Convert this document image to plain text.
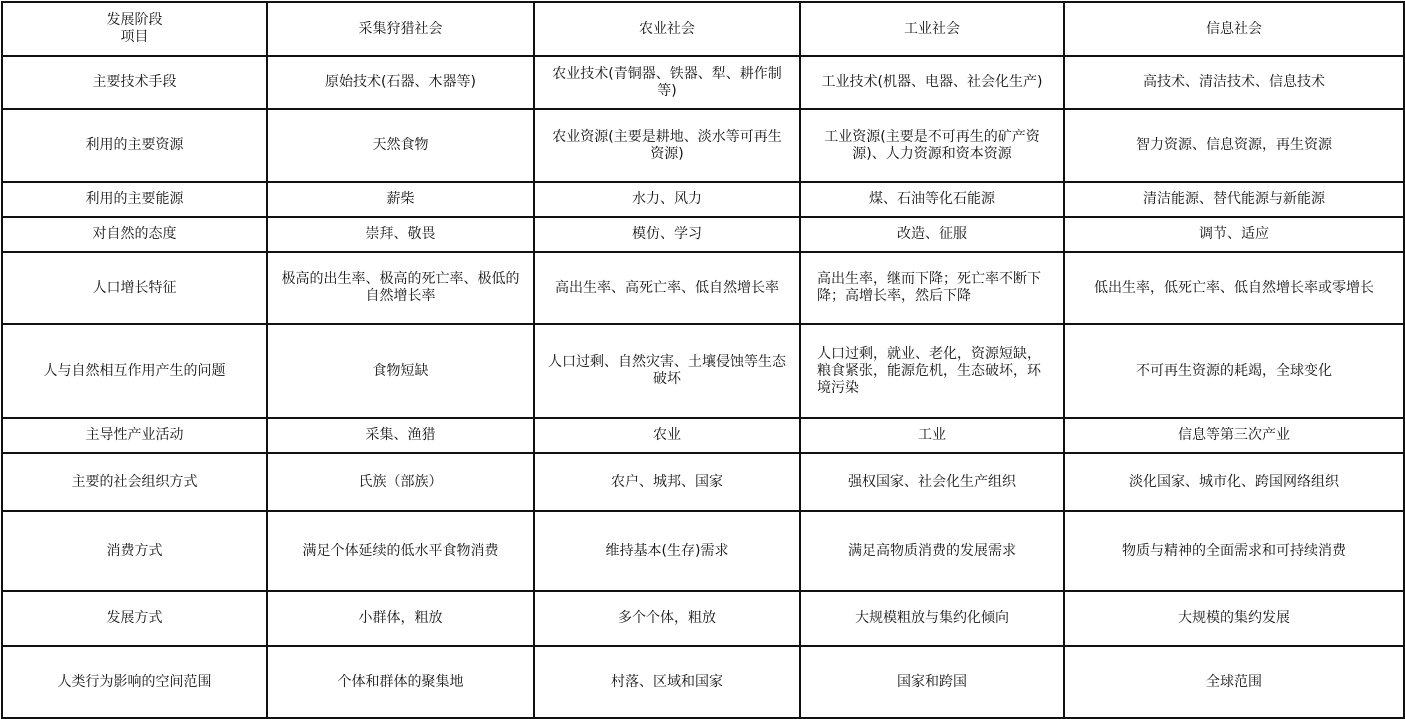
发展阶段
项目	采集狩猎社会	农业社会	工业社会	信息社会
主要技术手段	原始技术(石器、木器等)	农业技术(青铜器、铁器、犁、耕作制等)	工业技术(机器、电器、社会化生产)	高技术、清洁技术、信息技术
利用的主要资源	天然食物	农业资源(主要是耕地、淡水等可再生资源)	工业资源(主要是不可再生的矿产资源)、人力资源和资本资源	智力资源、信息资源，再生资源
利用的主要能源	薪柴	水力、风力	煤、石油等化石能源	清洁能源、替代能源与新能源
对自然的态度	崇拜、敬畏	模仿、学习	改造、征服	调节、适应
人口增长特征	极高的出生率、极高的死亡率、极低的自然增长率	高出生率、高死亡率、低自然增长率	高出生率，继而下降；死亡率不断下降；高增长率，然后下降	低出生率，低死亡率、低自然增长率或零增长
人与自然相互作用产生的问题	食物短缺	人口过剩、自然灾害、土壤侵蚀等生态破坏	人口过剩，就业、老化，资源短缺，粮食紧张，能源危机，生态破坏，环境污染	不可再生资源的耗竭，全球变化
主导性产业活动	采集、渔猎	农业	工业	信息等第三次产业
主要的社会组织方式	氏族（部族）	农户、城邦、国家	强权国家、社会化生产组织	淡化国家、城市化、跨国网络组织
消费方式	满足个体延续的低水平食物消费	维持基本(生存)需求	满足高物质消费的发展需求	物质与精神的全面需求和可持续消费
发展方式	小群体，粗放	多个个体，粗放	大规模粗放与集约化倾向	大规模的集约发展
人类行为影响的空间范围	个体和群体的聚集地	村落、区域和国家	国家和跨国	全球范围
